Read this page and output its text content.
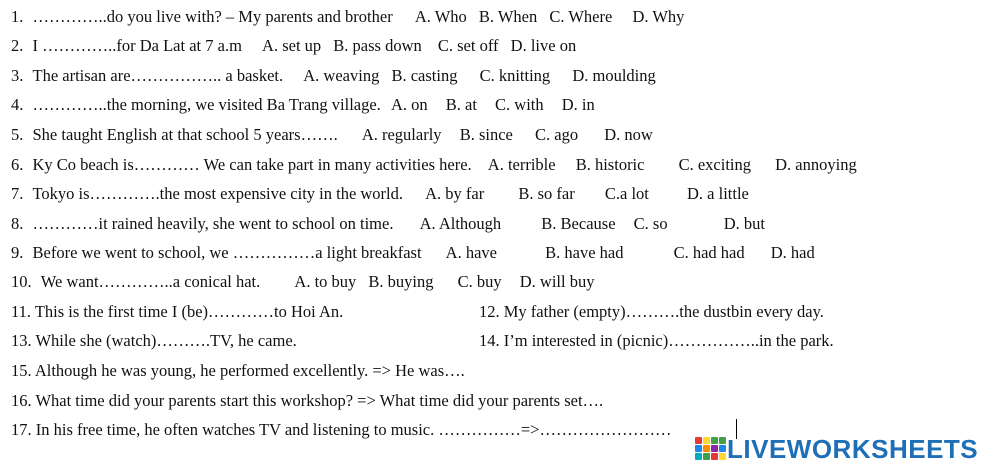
1. …………..do you live with? – My parents and brother A. Who B. When C. Where D. Why
2. I …………..for Da Lat at 7 a.m A. set up B. pass down C. set off D. live on
3. The artisan are…………….. a basket. A. weaving B. casting C. knitting D. moulding
4. …………..the morning, we visited Ba Trang village. A. on B. at C. with D. in
5. She taught English at that school 5 years……. A. regularly B. since C. ago D. now
6. Ky Co beach is………… We can take part in many activities here. A. terrible B. historic C. exciting D. annoying
7. Tokyo is………….the most expensive city in the world. A. by far B. so far C.a lot D. a little
8. …………it rained heavily, she went to school on time. A. Although B. Because C. so	D. but
9. Before we went to school, we ……………a light breakfast A. have	B. have had	C. had had D. had
10. We want…………..a conical hat. A. to buy B. buying C. buy D. will buy
11. This is the first time I (be)…………to Hoi An.	12. My father (empty)……….the dustbin every day.
13. While she (watch)……….TV, he came.	14. I’m interested in (picnic)……………..in the park.
15. Although he was young, he performed excellently. => He was….
16. What time did your parents start this workshop? => What time did your parents set….
17. In his free time, he often watches TV and listening to music. ……………=>……………………
LIVEWORKSHEETS
